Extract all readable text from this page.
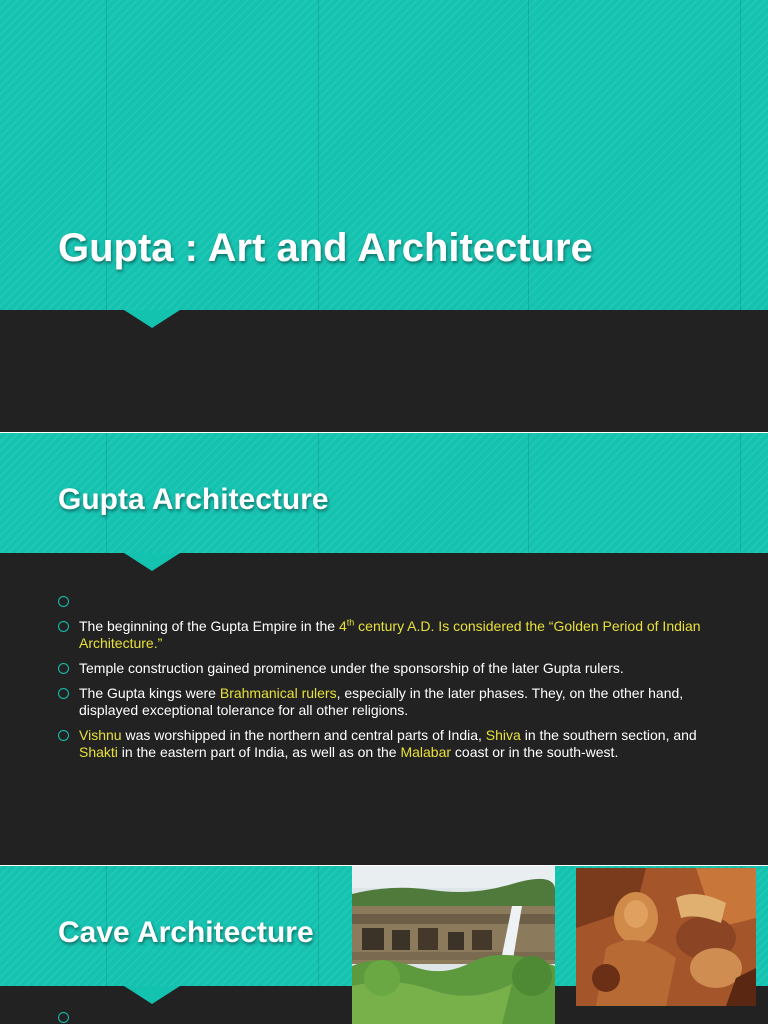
Gupta : Art and Architecture
Gupta Architecture
The beginning of the Gupta Empire in the 4th century A.D. Is considered the “Golden Period of Indian Architecture.”
Temple construction gained prominence under the sponsorship of the later Gupta rulers.
The Gupta kings were Brahmanical rulers, especially in the later phases. They, on the other hand, displayed exceptional tolerance for all other religions.
Vishnu was worshipped in the northern and central parts of India, Shiva in the southern section, and Shakti in the eastern part of India, as well as on the Malabar coast or in the south-west.
Cave Architecture
